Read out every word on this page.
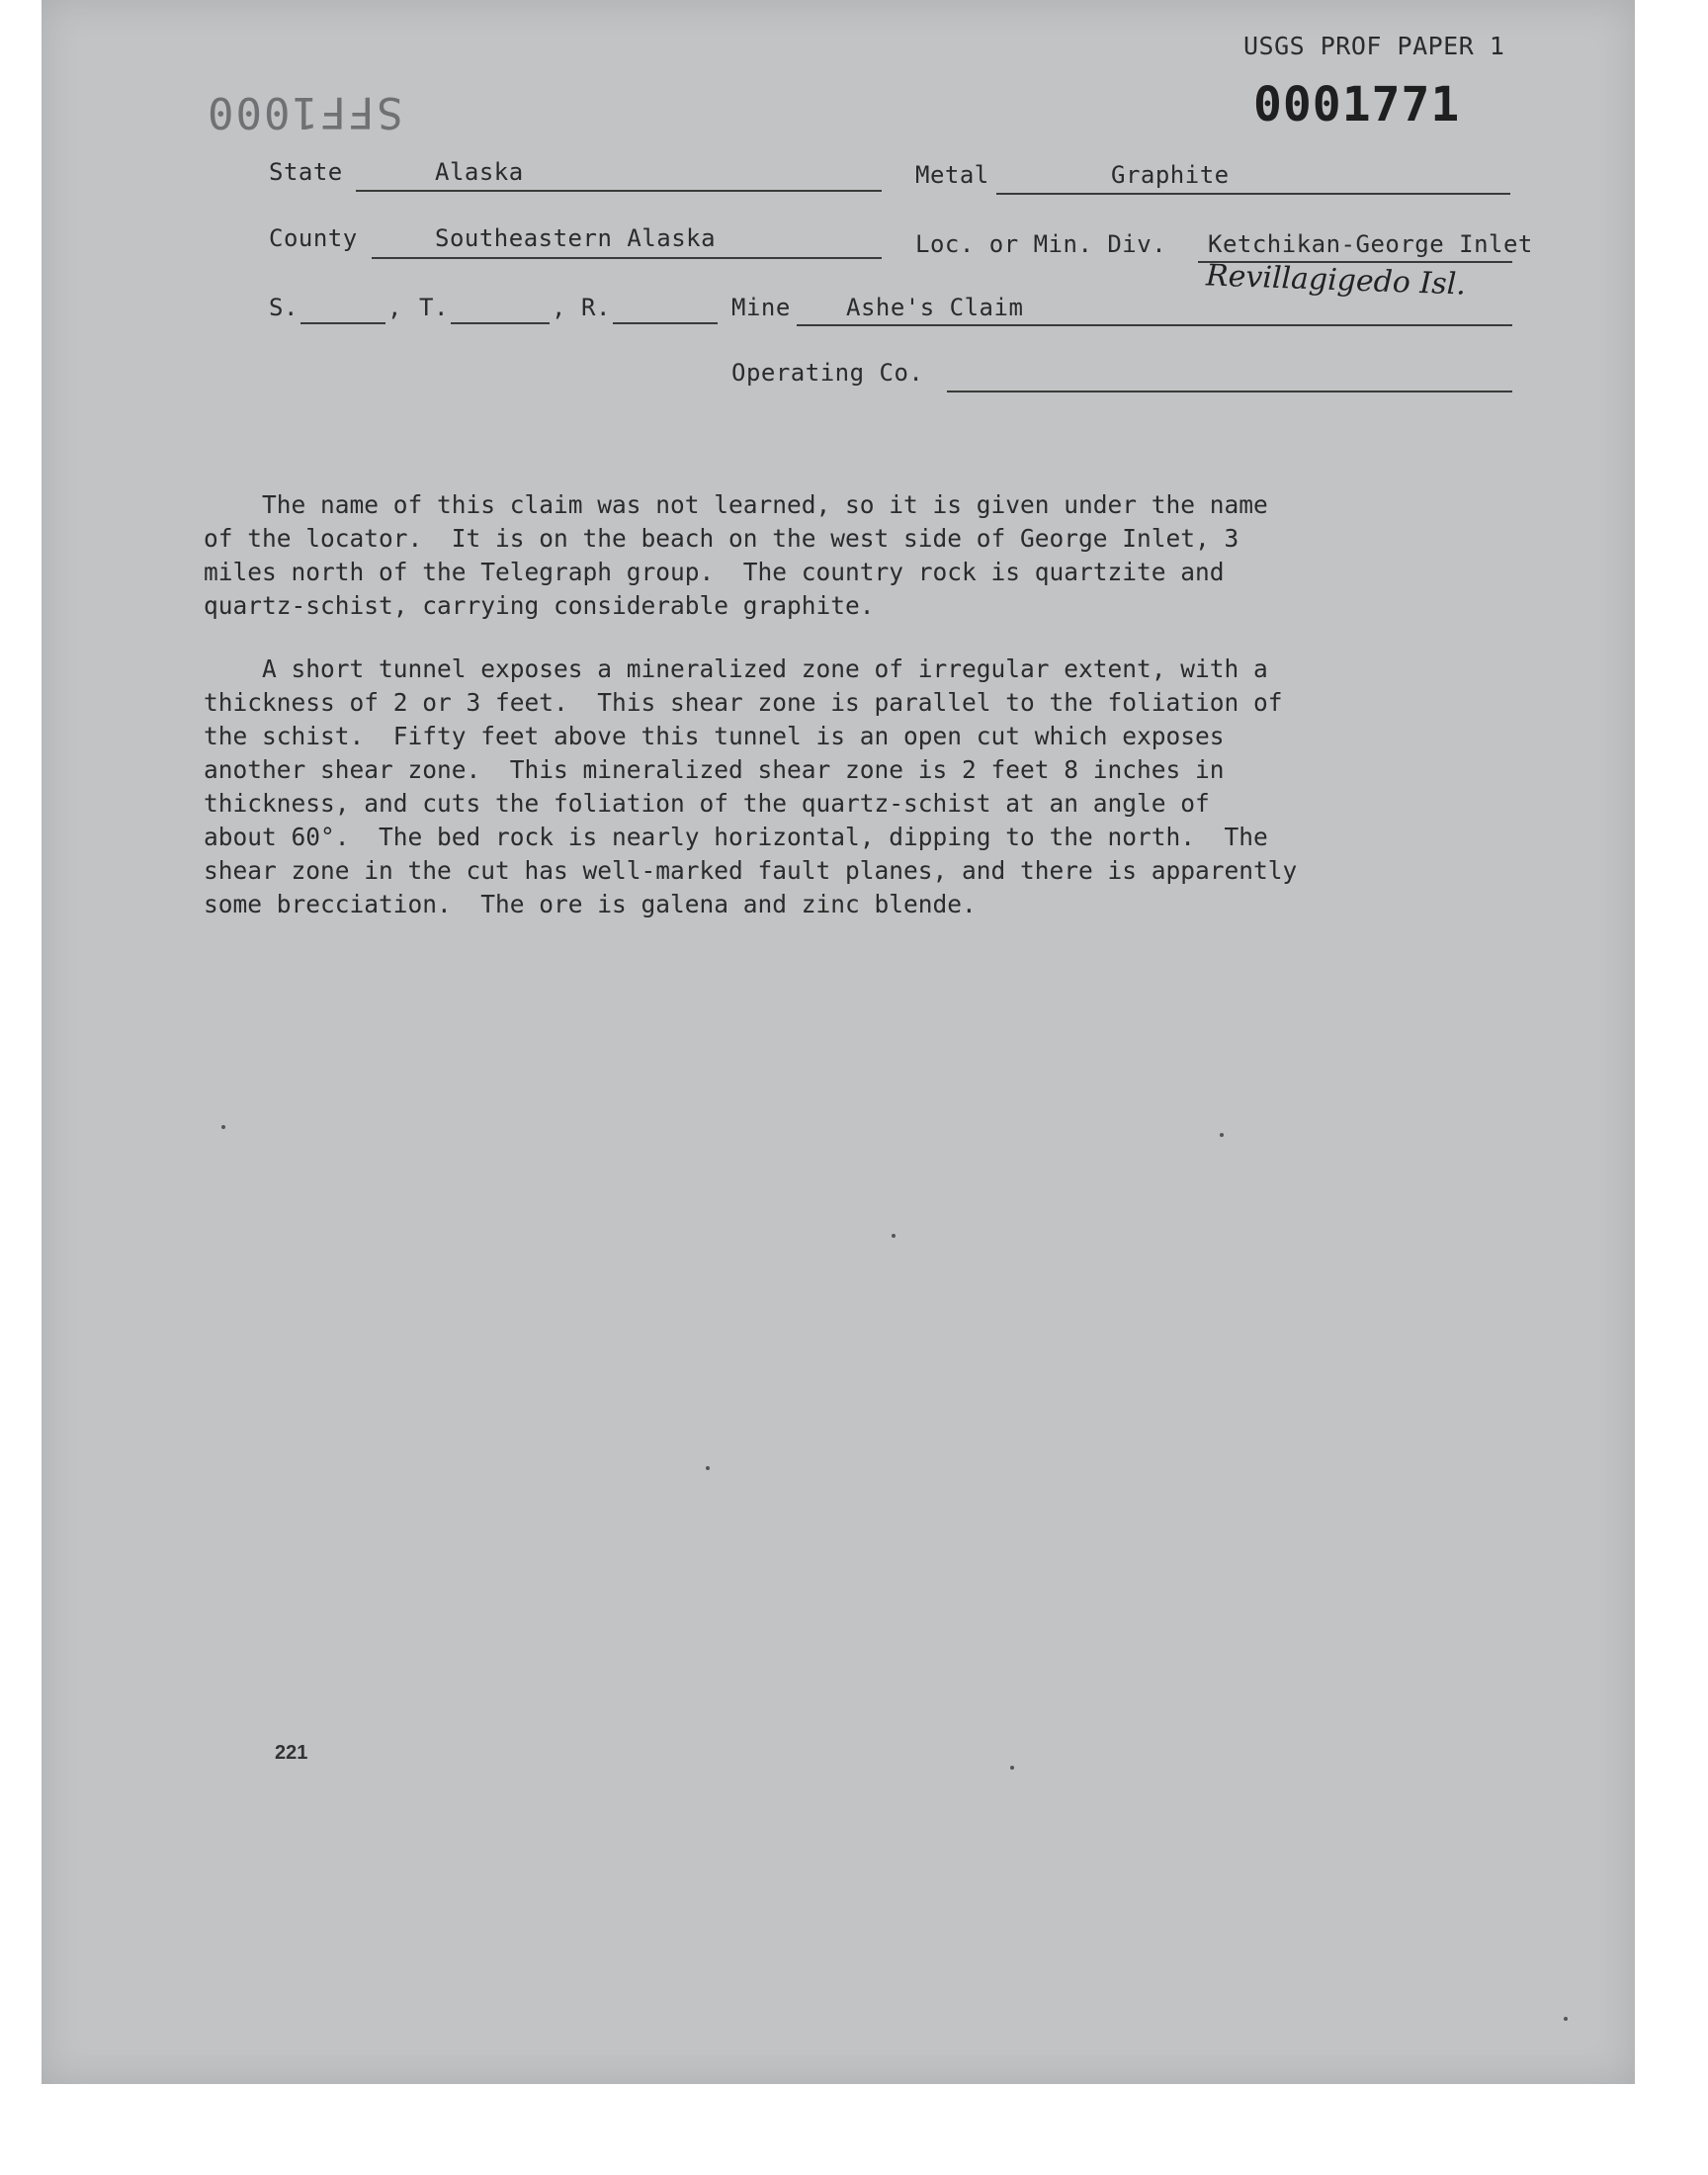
USGS PROF PAPER 1
SFF1000	0001771
State	Alaska	Metal	Graphite
County	Southeastern Alaska	Loc. or Min. Div. Ketchikan-George Inlet
Revillagigedo Isl.
S.	, T.	, R.	Mine Ashe's Claim
Operating Co.
The name of this claim was not learned, so it is given under the name
of the locator.  It is on the beach on the west side of George Inlet, 3
miles north of the Telegraph group.  The country rock is quartzite and
quartz-schist, carrying considerable graphite.
A short tunnel exposes a mineralized zone of irregular extent, with a
thickness of 2 or 3 feet.  This shear zone is parallel to the foliation of
the schist.  Fifty feet above this tunnel is an open cut which exposes
another shear zone.  This mineralized shear zone is 2 feet 8 inches in
thickness, and cuts the foliation of the quartz-schist at an angle of
about 60°.  The bed rock is nearly horizontal, dipping to the north.  The
shear zone in the cut has well-marked fault planes, and there is apparently
some brecciation.  The ore is galena and zinc blende.
221
